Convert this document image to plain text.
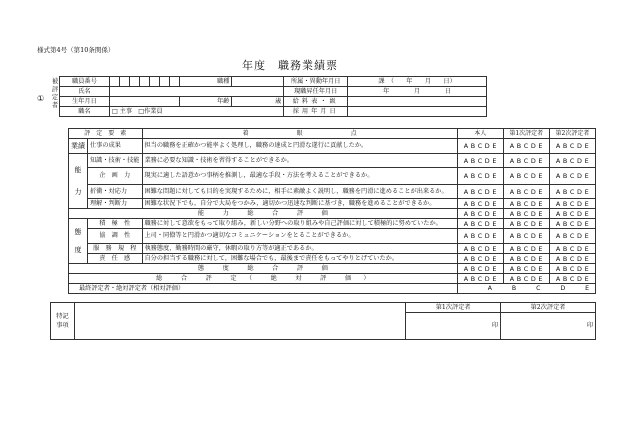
様式第4号（第10条関係）
年度　職務業績票
①
被評定者
職員番号								職種		所属・異動年月日	課　（　　年　　月　　日）
氏名										現職昇任年月日	年　　　　月　　　　日
生年月日								年齢	歳	給料表・級	
職名	□ 主事　□作業員									採用年月日	
評　定　要　素		着　　　　　　　　眼　　　　　　　　点	本人	第1次評定者	第2次評定者
業績	仕事の成果	担当の職務を正確かつ能率よく処理し，職務の達成と円滑な遂行に貢献したか。	A B C D E	A B C D E	A B C D E

能
力	知識・技術・技能	業務に必要な知識・技術を習得することができるか。	A B C D E	A B C D E	A B C D E
	企　画　力	現実に適した語意かつ事柄を推測し，最適な手段・方法を考えることができるか。	A B C D E	A B C D E	A B C D E
	折衝・対応力	困難な問題に対しても目的を実現するために，相手に素敵よく説明し，職務を円滑に進めることが出来るか。	A B C D E	A B C D E	A B C D E
	理解・判断力	困難な状況下でも，自分で大局をつかみ，適切かつ迅速な判断に基づき，職務を進めることができるか。	A B C D E	A B C D E	A B C D E
能　　　力　　　総　　　合　　　評　　　価			A B C D E	A B C D E	A B C D E

態
度	積　極　性	職務に対して意欲をもって取り組み，新しい分野への取り組みや自己評価に対して積極的に努めていたか。	A B C D E	A B C D E	A B C D E
	協　調　性	上司・同僚等と円滑かつ適切なコミュニケーションをとることができるか。	A B C D E	A B C D E	A B C D E
	服　務　規　程	執務態度，勤務時間の厳守，休暇の取り方等が適正であるか。	A B C D E	A B C D E	A B C D E
	責　任　感	自分の担当する職務に対して，困難な場合でも，最後まで責任をもってやりとげていたか。	A B C D E	A B C D E	A B C D E
態　　　度　　　総　　　合　　　評　　　価			A B C D E	A B C D E	A B C D E
総　　　合　　　評　　　定　　（　　　絶　　　対　　　評　　　価　　）			A B C D E	A B C D E	A B C D E
最終評定者・絶対評定者（相対評価）			A B C D E		
特記
事項		第1次評定者	第2次評定者
		印	印
